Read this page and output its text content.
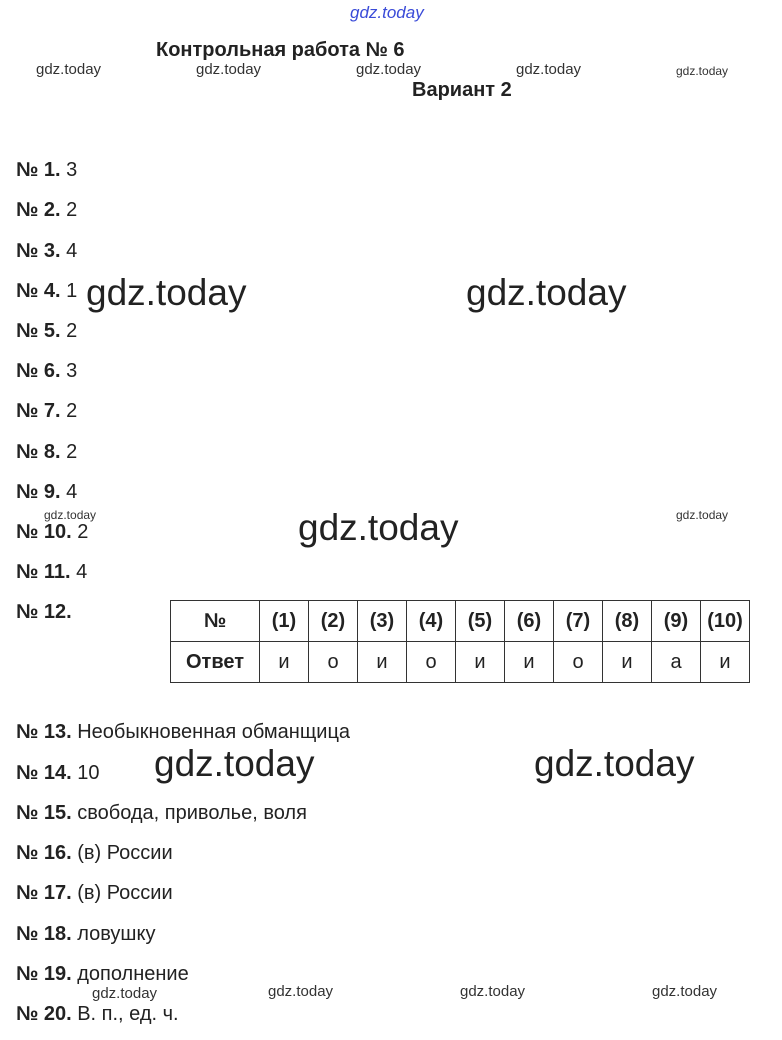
gdz.today
gdz.today	gdz.today	gdz.today	gdz.today	gdz.today
gdz.today	gdz.today
gdz.today	gdz.today	gdz.today
gdz.today	gdz.today
gdz.today	gdz.today	gdz.today	gdz.today
Контрольная работа № 6
Вариант 2
№ 1. 3
№ 2. 2
№ 3. 4
№ 4. 1
№ 5. 2
№ 6. 3
№ 7. 2
№ 8. 2
№ 9. 4
№ 10. 2
№ 11. 4
№ 12.	№	(1)	(2)	(3)	(4)	(5)	(6)	(7)	(8)	(9)	(10)
Ответ	и	о	и	о	и	и	о	и	а	и
№ 13. Необыкновенная обманщица
№ 14. 10
№ 15. свобода, приволье, воля
№ 16. (в) России
№ 17. (в) России
№ 18. ловушку
№ 19. дополнение
№ 20. В. п., ед. ч.
